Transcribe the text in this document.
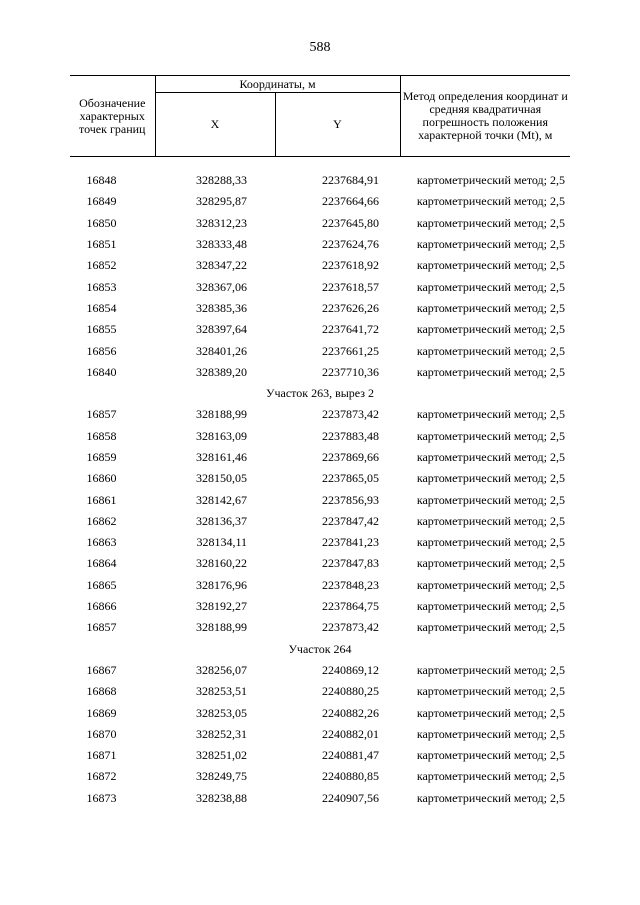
588
Обозначение характерных точек границ	Координаты, м		Метод определения координат и средняя квадратичная погрешность положения характерной точки (Mt), м
	X	Y	

16848	328288,33	2237684,91	картометрический метод; 2,5
16849	328295,87	2237664,66	картометрический метод; 2,5
16850	328312,23	2237645,80	картометрический метод; 2,5
16851	328333,48	2237624,76	картометрический метод; 2,5
16852	328347,22	2237618,92	картометрический метод; 2,5
16853	328367,06	2237618,57	картометрический метод; 2,5
16854	328385,36	2237626,26	картометрический метод; 2,5
16855	328397,64	2237641,72	картометрический метод; 2,5
16856	328401,26	2237661,25	картометрический метод; 2,5
16840	328389,20	2237710,36	картометрический метод; 2,5
Участок 263, вырез 2			
16857	328188,99	2237873,42	картометрический метод; 2,5
16858	328163,09	2237883,48	картометрический метод; 2,5
16859	328161,46	2237869,66	картометрический метод; 2,5
16860	328150,05	2237865,05	картометрический метод; 2,5
16861	328142,67	2237856,93	картометрический метод; 2,5
16862	328136,37	2237847,42	картометрический метод; 2,5
16863	328134,11	2237841,23	картометрический метод; 2,5
16864	328160,22	2237847,83	картометрический метод; 2,5
16865	328176,96	2237848,23	картометрический метод; 2,5
16866	328192,27	2237864,75	картометрический метод; 2,5
16857	328188,99	2237873,42	картометрический метод; 2,5
Участок 264			
16867	328256,07	2240869,12	картометрический метод; 2,5
16868	328253,51	2240880,25	картометрический метод; 2,5
16869	328253,05	2240882,26	картометрический метод; 2,5
16870	328252,31	2240882,01	картометрический метод; 2,5
16871	328251,02	2240881,47	картометрический метод; 2,5
16872	328249,75	2240880,85	картометрический метод; 2,5
16873	328238,88	2240907,56	картометрический метод; 2,5
